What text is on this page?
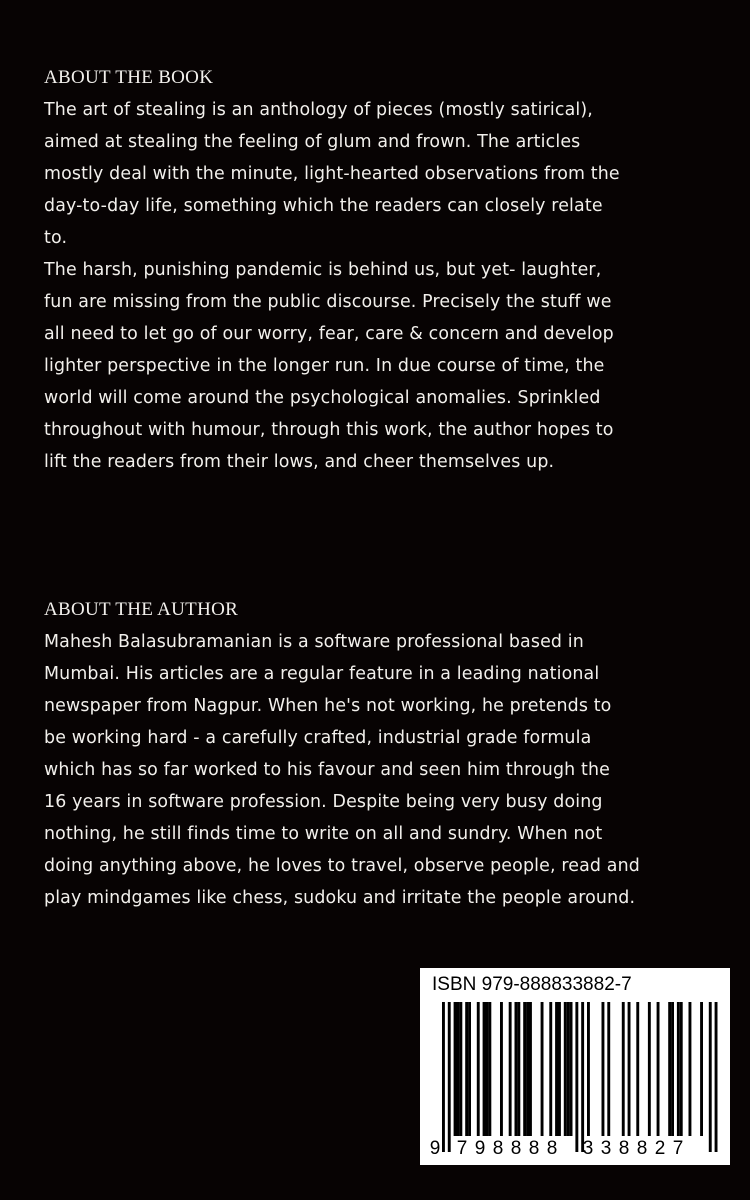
ABOUT THE BOOK
The art of stealing is an anthology of pieces (mostly satirical),
aimed at stealing the feeling of glum and frown. The articles
mostly deal with the minute, light-hearted observations from the
day-to-day life, something which the readers can closely relate
to.
The harsh, punishing pandemic is behind us, but yet- laughter,
fun are missing from the public discourse. Precisely the stuff we
all need to let go of our worry, fear, care & concern and develop
lighter perspective in the longer run. In due course of time, the
world will come around the psychological anomalies. Sprinkled
throughout with humour, through this work, the author hopes to
lift the readers from their lows, and cheer themselves up.
ABOUT THE AUTHOR
Mahesh Balasubramanian is a software professional based in
Mumbai. His articles are a regular feature in a leading national
newspaper from Nagpur. When he's not working, he pretends to
be working hard - a carefully crafted, industrial grade formula
which has so far worked to his favour and seen him through the
16 years in software profession. Despite being very busy doing
nothing, he still finds time to write on all and sundry. When not
doing anything above, he loves to travel, observe people, read and
play mindgames like chess, sudoku and irritate the people around.
ISBN 979-888833882-7
9 7 9 8 8 8 8 3 3 8 8 2 7
